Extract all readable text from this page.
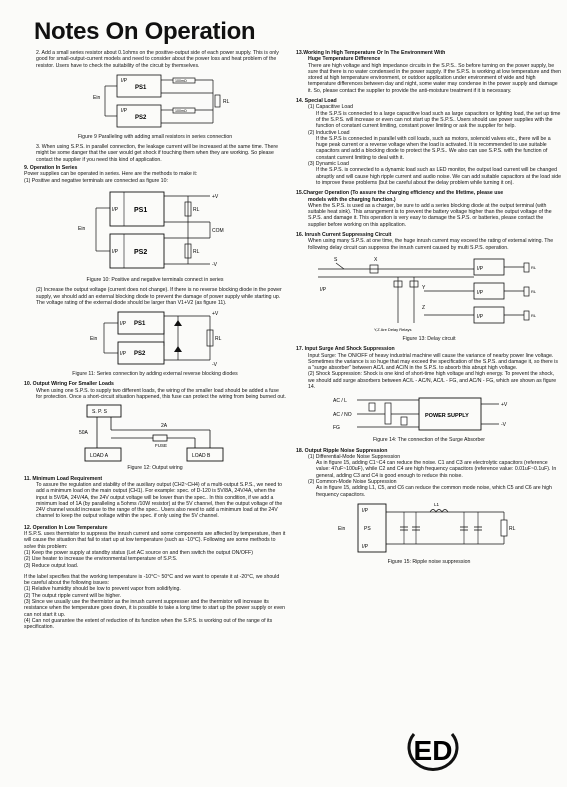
Notes On Operation

2. Add a small series resistor about 0.1ohms on the positive-output side of each power supply. This is only good for small-output-current models and need to consider about the power loss and heat problem of the resistor. Users have to check the suitability of the circuit by themselves.

I/P
PS1
I/P
PS2
Ein
100mΩ
100mΩ
RL

Figure 9 Paralleling with adding small resistors in series connection

3. When using S.P.S. in parallel connection, the leakage current will be increased at the same time. There might be some danger that the user would get shock if touching them when they are working. So please contact the supplier if you need this kind of application.

9. Operation In Series

Power supplies can be operated in series. Here are the methods to make it:

(1) Positive and negative terminals are connected as figure 10:

I/P PS1
I/P PS2
Ein
RL
RL
+V
COM
-V

Figure 10: Positive and negative terminals connect in series

(2) Increase the output voltage (current does not change). If there is no reverse blocking diode in the power supply, we should add an external blocking diode to prevent the damage of power supply while starting up. The voltage rating of the external diode should be larger than V1+V2 (as figure 11).

I/P PS1
I/P PS2
Ein	RL
+V
-V

Figure 11: Series connection by adding external reverse blocking diodes

10. Output Wiring For Smaller Loads

When using one S.P.S. to supply two different loads, the wiring of the smaller load should be added a fuse for protection. Once a short-circuit situation happened, this fuse can protect the wiring from being burned out.

S. P. S
50A
2A
FUSE
LOAD A	LOAD B

Figure 12: Output wiring

11. Minimum Load Requirement

To assure the regulation and stability of the auxiliary output (CH2~CH4) of a multi-output S.P.S., we need to add a minimum load on the main output (CH1). For example: spec. of D-120 is 5V/8A, 24V/4A, when the input is 5V/0A, 24V/4A, the 24V output voltage will be lower than the spec.. In this condition, if we add a minimum load of 1A (by paralleling a 5ohms /10W resistor) at the 5V channel, then the output voltage of the 24V channel would increase to the range of the spec.. Users also need to add a minimum load at the 24V channel to keep the output voltage within the spec. if only using the 5V channel.

12. Operation In Low Temperature

If S.P.S. uses thermistor to suppress the inrush current and some components are affected by temperature, then it will cause the situation that fail to start up at low temperature (such as -10°C). Following are some methods to solve this problem:

(1) Keep the power supply at standby status (Let AC source on and then switch the output ON/OFF)

(2) Use heater to increase the environmental temperature of S.P.S.

(3) Reduce output load.

If the label specifies that the working temperature is -10°C~ 50°C and we want to operate it at -20°C, we should be careful about the following issues:

(1) Relative humidity should be low to prevent vapor from solidifying.

(2) The output ripple current will be higher.

(3) Since we usually use the thermistor as the inrush current suppresser and the thermistor will increase its resistance when the temperature goes down, it is possible to take a long time to start up the power supply or even can not start it up.

(4) Can not guarantee the extent of reduction of its function when the S.P.S. is working out of the range of its specification.

13.Working In High Temperature Or In The Environment With

Huge Temperature Difference

There are high voltage and high impedance circuits in the S.P.S.. So before turning on the power supply, be sure that there is no water condensed in the power supply. If the S.P.S. is working at low temperature and then stored at high temperature environment, or outdoor application under environment of wide and high temperature differences between day and night, some water may condense in the power supply and damage it. So, please contact the supplier to provide the anti-moisture treatment if it is necessary.

14. Special Load

(1) Capacitive Load

If the S.P.S is connected to a large capacitive load such as large capacitors or lighting load, the set up time of the S.P.S. will increase or even can not start up the S.P.S.. Users should use power supplies with the function of constant current limiting, constant power limiting or ask the supplier for help.

(2) Inductive Load

If the S.P.S is connected in parallel with coil loads, such as motors, solenoid valves etc., there will be a huge peak current or a reverse voltage when the load is activated. It is recommended to use suitable capacitors and add a blocking diode to protect the S.P.S.. We also can use S.P.S. with the function of constant current limiting to deal with it.

(3) Dynamic Load

If the S.P.S. is connected to a dynamic load such as LED monitor, the output load current will be changed abruptly and will cause high ripple current and audio noise. We can add suitable capacitors at the load side to improve these problems (but be careful about the delay problem while turning it on).

15.Charger Operation (To assure the charging efficiency and the lifetime, please use

models with the charging function.)

When the S.P.S. is used as a charger, be sure to add a series blocking diode at the output terminal (with suitable heat sink). This arrangement is to prevent the battery voltage higher than the output voltage of the S.P.S. and damage it. This operation is very easy to damage the S.P.S. or batteries, please contact the supplier before working on this application.

16. Inrush Current Suppressing Circuit

When using many S.P.S. at one time, the huge inrush current may exceed the rating of external wiring. The following delay circuit can suppress the inrush current caused by multi S.P.S. operation.

S	X
I/P	Y
Z
Y,Z Are Delay Relays
I/P
I/P
I/P
RL
RL
RL

Figure 13: Delay circuit

17. Input Surge And Shock Suppression

Input Surge: The ON/OFF of heavy industrial machine will cause the variance of nearby power line voltage. Sometimes the variance is so huge that may exceed the specification of the S.P.S. and damage it, so there is a "surge absorber" between AC/L and AC/N in the S.P.S. to absorb this abrupt high voltage.

(2) Shock Suppression: Shock is one kind of short-time high voltage and high energy. To prevent the shock, we should add surge absorbers between AC/L - AC/N, AC/L - FG, and AC/N - FG, which are shown as figure 14.

AC / L
AC / NO
FG
POWER SUPPLY
+V
-V

Figure 14: The connection of the Surge Absorber

18. Output Ripple Noise Suppression

(1) Differential-Mode Noise Suppression

As in figure 15, adding C1~C4 can reduce the noise. C1 and C3 are electrolytic capacitors (reference value: 47uF~100uF), while C2 and C4 are high frequency capacitors (reference value: 0.01uF~0.1uF). In general, adding C3 and C4 is good enough to reduce this noise.

(2) Common-Mode Noise Suppression

As in figure 15, adding L1, C5, and C6 can reduce the common mode noise, which C5 and C6 are high frequency capacitors.

I/P
PS
I/P
Ein
L1
RL

Figure 15: Ripple noise suppression

ED
